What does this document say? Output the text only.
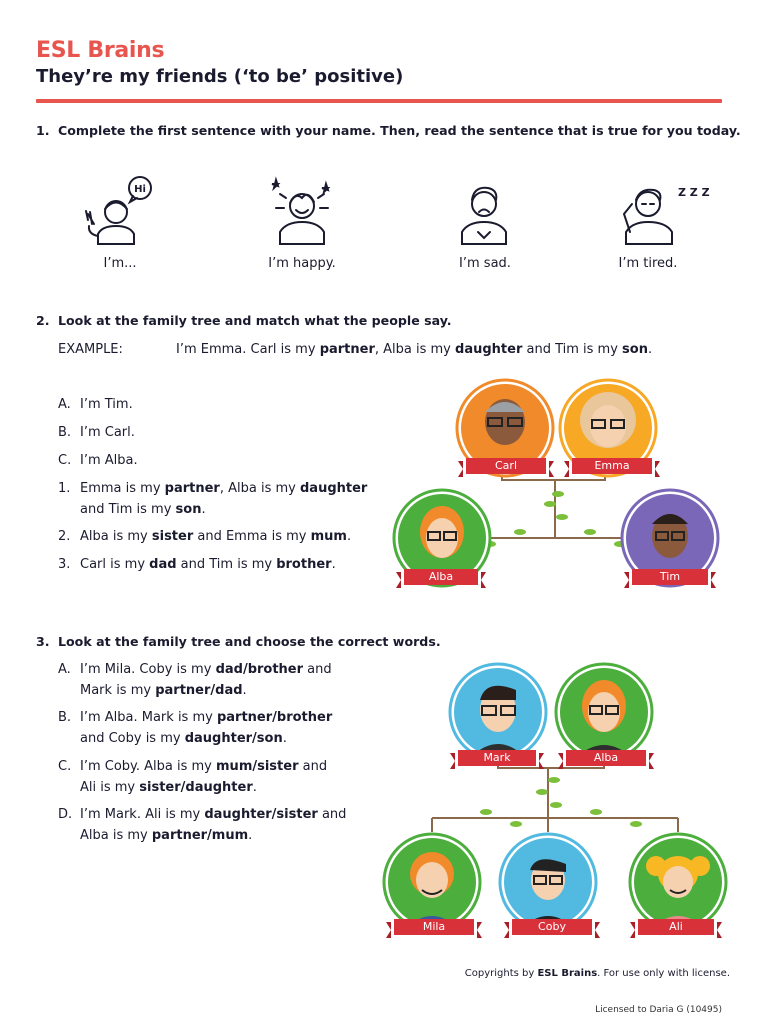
ESL Brains
They’re my friends (‘to be’ positive)
1. Complete the first sentence with your name. Then, read the sentence that is true for you today.
Hi	Z Z Z
I’m...	I’m happy.	I’m sad.	I’m tired.
2. Look at the family tree and match what the people say.
EXAMPLE:	I’m Emma. Carl is my partner, Alba is my daughter and Tim is my son.
A. I’m Tim.
B. I’m Carl.
C. I’m Alba.
1. Emma is my partner, Alba is my daughter
and Tim is my son.
2. Alba is my sister and Emma is my mum.
3. Carl is my dad and Tim is my brother.
Carl	Emma
Alba	Tim
3. Look at the family tree and choose the correct words.
A. I’m Mila. Coby is my dad/brother and
Mark is my partner/dad.
B. I’m Alba. Mark is my partner/brother
and Coby is my daughter/son.
C. I’m Coby. Alba is my mum/sister and
Ali is my sister/daughter.
D. I’m Mark. Ali is my daughter/sister and
Alba is my partner/mum.
Mark	Alba
Mila	Coby	Ali
Copyrights by ESL Brains. For use only with license.
Licensed to Daria G (10495)
